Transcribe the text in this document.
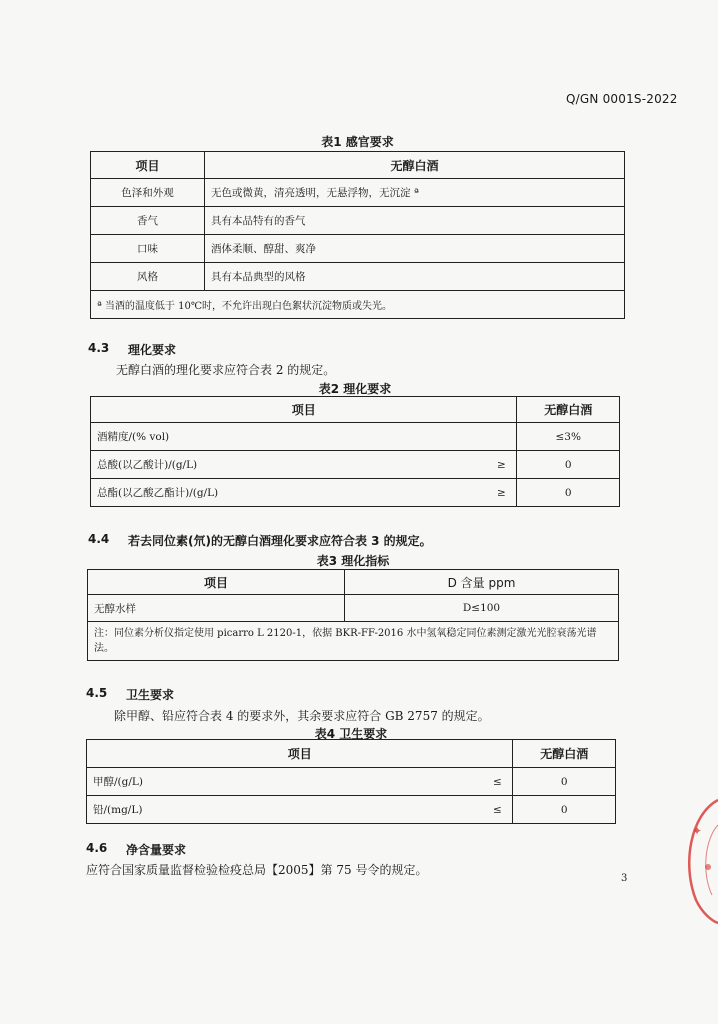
Q/GN 0001S-2022
表1 感官要求
项目	无醇白酒
色泽和外观	无色或微黄，清亮透明，无悬浮物，无沉淀 ª
香气	具有本品特有的香气
口味	酒体柔顺、醇甜、爽净
风格	具有本品典型的风格
ª 当酒的温度低于 10℃时，不允许出现白色絮状沉淀物质或失光。	
4.3 理化要求
无醇白酒的理化要求应符合表 2 的规定。
表2 理化要求
项目		无醇白酒
酒精度/(% vol)		≤3%
总酸(以乙酸计)/(g/L)	≥	0
总酯(以乙酸乙酯计)/(g/L)	≥	0
4.4 若去同位素(氘)的无醇白酒理化要求应符合表 3 的规定。
表3 理化指标
项目	D 含量 ppm
无醇水样	D≤100
注：同位素分析仪指定使用 picarro L 2120-1，依据 BKR-FF-2016 水中氢氧稳定同位素测定激光光腔衰荡光谱法。	
4.5 卫生要求
除甲醇、铅应符合表 4 的要求外，其余要求应符合 GB 2757 的规定。
表4 卫生要求
项目		无醇白酒
甲醇/(g/L)	≤	0
铅/(mg/L)	≤	0
4.6 净含量要求
应符合国家质量监督检验检疫总局【2005】第 75 号令的规定。
3
✦
